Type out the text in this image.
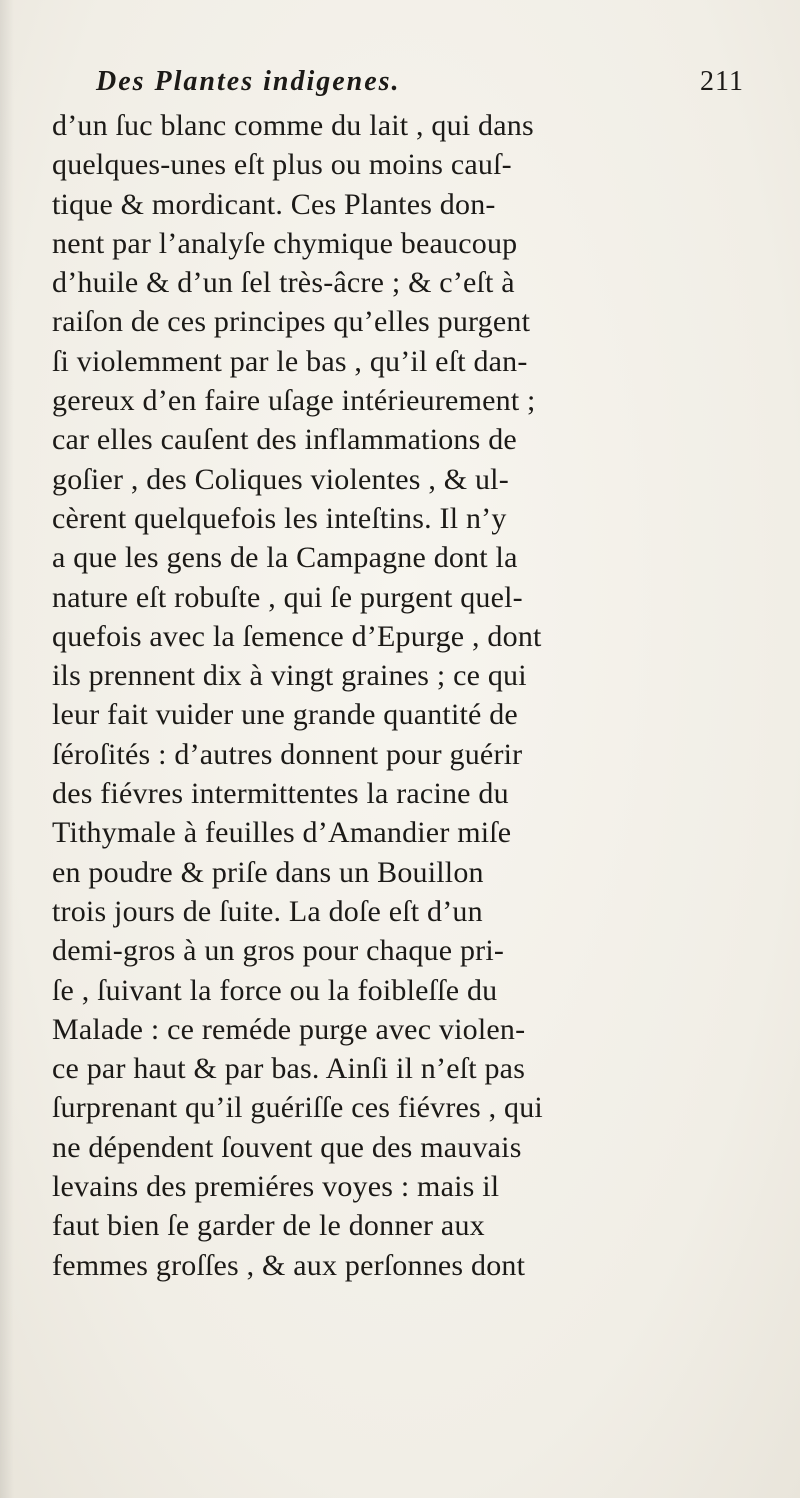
Des Plantes indigenes.	211
d’un ſuc blanc comme du lait , qui dans
quelques-unes eſt plus ou moins cauſ-
tique & mordicant. Ces Plantes don-
nent par l’analyſe chymique beaucoup
d’huile & d’un ſel très-âcre ; & c’eſt à
raiſon de ces principes qu’elles purgent
ſi violemment par le bas , qu’il eſt dan-
gereux d’en faire uſage intérieurement ;
car elles cauſent des inflammations de
goſier , des Coliques violentes , & ul-
cèrent quelquefois les inteſtins. Il n’y
a que les gens de la Campagne dont la
nature eſt robuſte , qui ſe purgent quel-
quefois avec la ſemence d’Epurge , dont
ils prennent dix à vingt graines ; ce qui
leur fait vuider une grande quantité de
ſéroſités : d’autres donnent pour guérir
des fiévres intermittentes la racine du
Tithymale à feuilles d’Amandier miſe
en poudre & priſe dans un Bouillon
trois jours de ſuite. La doſe eſt d’un
demi-gros à un gros pour chaque pri-
ſe , ſuivant la force ou la foibleſſe du
Malade : ce reméde purge avec violen-
ce par haut & par bas. Ainſi il n’eſt pas
ſurprenant qu’il guériſſe ces fiévres , qui
ne dépendent ſouvent que des mauvais
levains des premiéres voyes : mais il
faut bien ſe garder de le donner aux
femmes groſſes , & aux perſonnes dont
